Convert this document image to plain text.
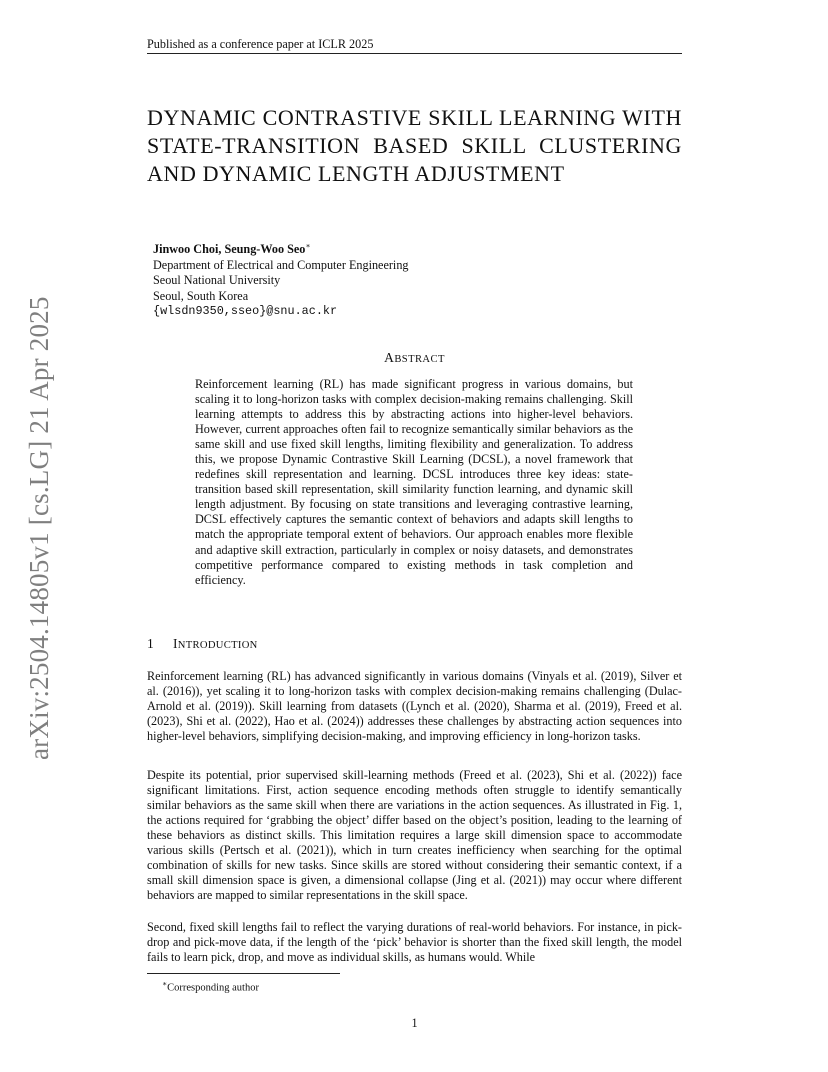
Published as a conference paper at ICLR 2025
arXiv:2504.14805v1 [cs.LG] 21 Apr 2025
DYNAMIC CONTRASTIVE SKILL LEARNING WITH STATE-TRANSITION BASED SKILL CLUSTERING AND DYNAMIC LENGTH ADJUSTMENT
Jinwoo Choi, Seung-Woo Seo∗
Department of Electrical and Computer Engineering
Seoul National University
Seoul, South Korea
{wlsdn9350,sseo}@snu.ac.kr
ABSTRACT

Reinforcement learning (RL) has made significant progress in various domains, but scaling it to long-horizon tasks with complex decision-making remains challenging. Skill learning attempts to address this by abstracting actions into higher-level behaviors. However, current approaches often fail to recognize semantically similar behaviors as the same skill and use fixed skill lengths, limiting flexibility and generalization. To address this, we propose Dynamic Contrastive Skill Learning (DCSL), a novel framework that redefines skill representation and learning. DCSL introduces three key ideas: state-transition based skill representation, skill similarity function learning, and dynamic skill length adjustment. By focusing on state transitions and leveraging contrastive learning, DCSL effectively captures the semantic context of behaviors and adapts skill lengths to match the appropriate temporal extent of behaviors. Our approach enables more flexible and adaptive skill extraction, particularly in complex or noisy datasets, and demonstrates competitive performance compared to existing methods in task completion and efficiency.

1 INTRODUCTION

Reinforcement learning (RL) has advanced significantly in various domains (Vinyals et al. (2019), Silver et al. (2016)), yet scaling it to long-horizon tasks with complex decision-making remains challenging (Dulac-Arnold et al. (2019)). Skill learning from datasets ((Lynch et al. (2020), Sharma et al. (2019), Freed et al. (2023), Shi et al. (2022), Hao et al. (2024)) addresses these challenges by abstracting action sequences into higher-level behaviors, simplifying decision-making, and improving efficiency in long-horizon tasks.

Despite its potential, prior supervised skill-learning methods (Freed et al. (2023), Shi et al. (2022)) face significant limitations. First, action sequence encoding methods often struggle to identify semantically similar behaviors as the same skill when there are variations in the action sequences. As illustrated in Fig. 1, the actions required for ‘grabbing the object’ differ based on the object’s position, leading to the learning of these behaviors as distinct skills. This limitation requires a large skill dimension space to accommodate various skills (Pertsch et al. (2021)), which in turn creates inefficiency when searching for the optimal combination of skills for new tasks. Since skills are stored without considering their semantic context, if a small skill dimension space is given, a dimensional collapse (Jing et al. (2021)) may occur where different behaviors are mapped to similar representations in the skill space.

Second, fixed skill lengths fail to reflect the varying durations of real-world behaviors. For instance, in pick-drop and pick-move data, if the length of the ‘pick’ behavior is shorter than the fixed skill length, the model fails to learn pick, drop, and move as individual skills, as humans would. While

∗Corresponding author
1
